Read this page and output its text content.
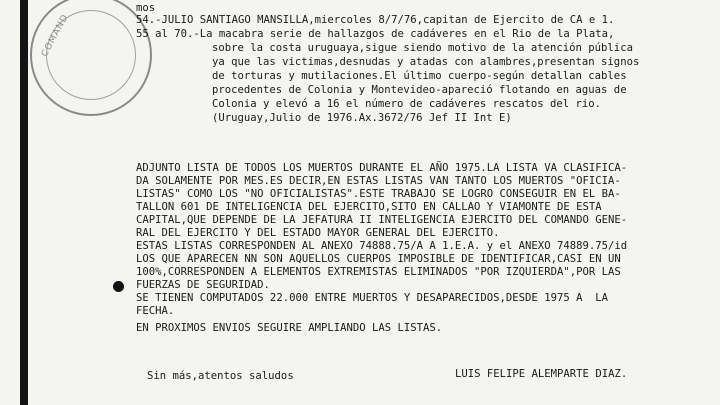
COMAND
mos
54.-JULIO SANTIAGO MANSILLA,miercoles 8/7/76,capitan de Ejercito de CA e 1.
55 al 70.-La macabra serie de hallazgos de cadáveres en el Rio de la Plata,
sobre la costa uruguaya,sigue siendo motivo de la atención pública
ya que las victimas,desnudas y atadas con alambres,presentan signos
de torturas y mutilaciones.El último cuerpo-según detallan cables
procedentes de Colonia y Montevideo-apareció flotando en aguas de
Colonia y elevó a 16 el número de cadáveres rescatos del rio.
(Uruguay,Julio de 1976.Ax.3672/76 Jef II Int E)
ADJUNTO LISTA DE TODOS LOS MUERTOS DURANTE EL AÑO 1975.LA LISTA VA CLASIFICA-
DA SOLAMENTE POR MES.ES DECIR,EN ESTAS LISTAS VAN TANTO LOS MUERTOS "OFICIA-
LISTAS" COMO LOS "NO OFICIALISTAS".ESTE TRABAJO SE LOGRO CONSEGUIR EN EL BA-
TALLON 601 DE INTELIGENCIA DEL EJERCITO,SITO EN CALLAO Y VIAMONTE DE ESTA
CAPITAL,QUE DEPENDE DE LA JEFATURA II INTELIGENCIA EJERCITO DEL COMANDO GENE-
RAL DEL EJERCITO Y DEL ESTADO MAYOR GENERAL DEL EJERCITO.
ESTAS LISTAS CORRESPONDEN AL ANEXO 74888.75/A A 1.E.A. y el ANEXO 74889.75/id
LOS QUE APARECEN NN SON AQUELLOS CUERPOS IMPOSIBLE DE IDENTIFICAR,CASI EN UN
100%,CORRESPONDEN A ELEMENTOS EXTREMISTAS ELIMINADOS "POR IZQUIERDA",POR LAS
FUERZAS DE SEGURIDAD.
SE TIENEN COMPUTADOS 22.000 ENTRE MUERTOS Y DESAPARECIDOS,DESDE 1975 A  LA
FECHA.
EN PROXIMOS ENVIOS SEGUIRE AMPLIANDO LAS LISTAS.
Sin más,atentos saludos	LUIS FELIPE ALEMPARTE DIAZ.
